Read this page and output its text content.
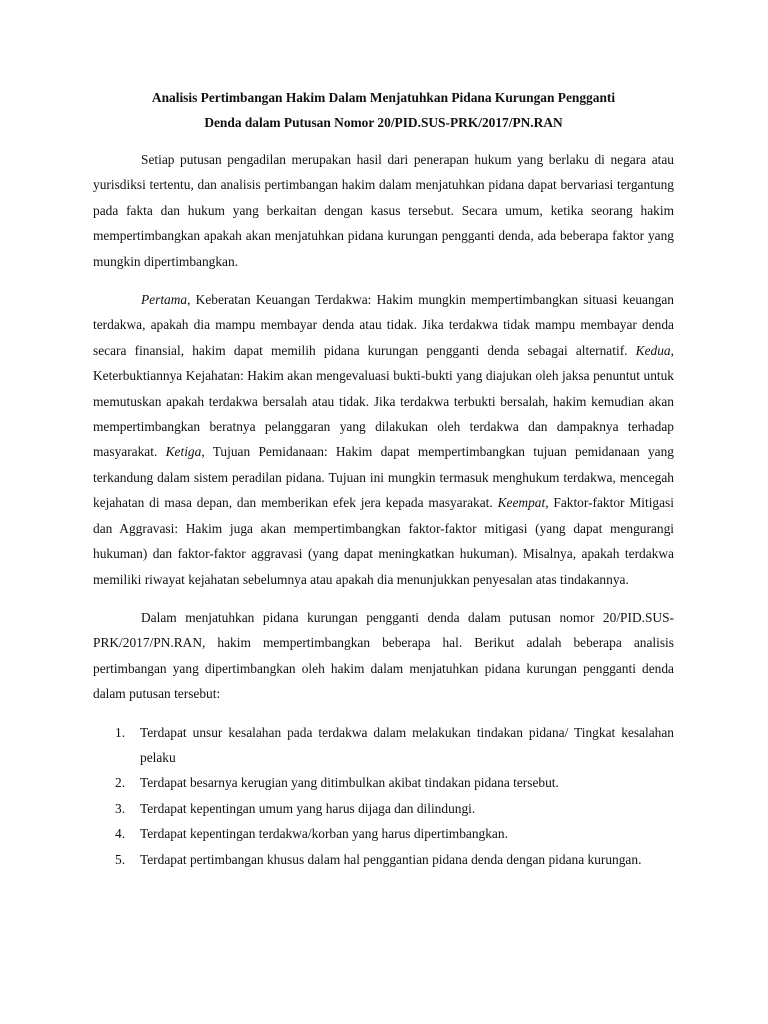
Analisis Pertimbangan Hakim Dalam Menjatuhkan Pidana Kurungan Pengganti
Denda dalam Putusan Nomor 20/PID.SUS-PRK/2017/PN.RAN

Setiap putusan pengadilan merupakan hasil dari penerapan hukum yang berlaku di negara atau yurisdiksi tertentu, dan analisis pertimbangan hakim dalam menjatuhkan pidana dapat bervariasi tergantung pada fakta dan hukum yang berkaitan dengan kasus tersebut. Secara umum, ketika seorang hakim mempertimbangkan apakah akan menjatuhkan pidana kurungan pengganti denda, ada beberapa faktor yang mungkin dipertimbangkan.

Pertama, Keberatan Keuangan Terdakwa: Hakim mungkin mempertimbangkan situasi keuangan terdakwa, apakah dia mampu membayar denda atau tidak. Jika terdakwa tidak mampu membayar denda secara finansial, hakim dapat memilih pidana kurungan pengganti denda sebagai alternatif. Kedua, Keterbuktiannya Kejahatan: Hakim akan mengevaluasi bukti-bukti yang diajukan oleh jaksa penuntut untuk memutuskan apakah terdakwa bersalah atau tidak. Jika terdakwa terbukti bersalah, hakim kemudian akan mempertimbangkan beratnya pelanggaran yang dilakukan oleh terdakwa dan dampaknya terhadap masyarakat. Ketiga, Tujuan Pemidanaan: Hakim dapat mempertimbangkan tujuan pemidanaan yang terkandung dalam sistem peradilan pidana. Tujuan ini mungkin termasuk menghukum terdakwa, mencegah kejahatan di masa depan, dan memberikan efek jera kepada masyarakat. Keempat, Faktor-faktor Mitigasi dan Aggravasi: Hakim juga akan mempertimbangkan faktor-faktor mitigasi (yang dapat mengurangi hukuman) dan faktor-faktor aggravasi (yang dapat meningkatkan hukuman). Misalnya, apakah terdakwa memiliki riwayat kejahatan sebelumnya atau apakah dia menunjukkan penyesalan atas tindakannya.

Dalam menjatuhkan pidana kurungan pengganti denda dalam putusan nomor 20/PID.SUS-PRK/2017/PN.RAN, hakim mempertimbangkan beberapa hal. Berikut adalah beberapa analisis pertimbangan yang dipertimbangkan oleh hakim dalam menjatuhkan pidana kurungan pengganti denda dalam putusan tersebut:

1. Terdapat unsur kesalahan pada terdakwa dalam melakukan tindakan pidana/ Tingkat kesalahan pelaku
2. Terdapat besarnya kerugian yang ditimbulkan akibat tindakan pidana tersebut.
3. Terdapat kepentingan umum yang harus dijaga dan dilindungi.
4. Terdapat kepentingan terdakwa/korban yang harus dipertimbangkan.
5. Terdapat pertimbangan khusus dalam hal penggantian pidana denda dengan pidana kurungan.
